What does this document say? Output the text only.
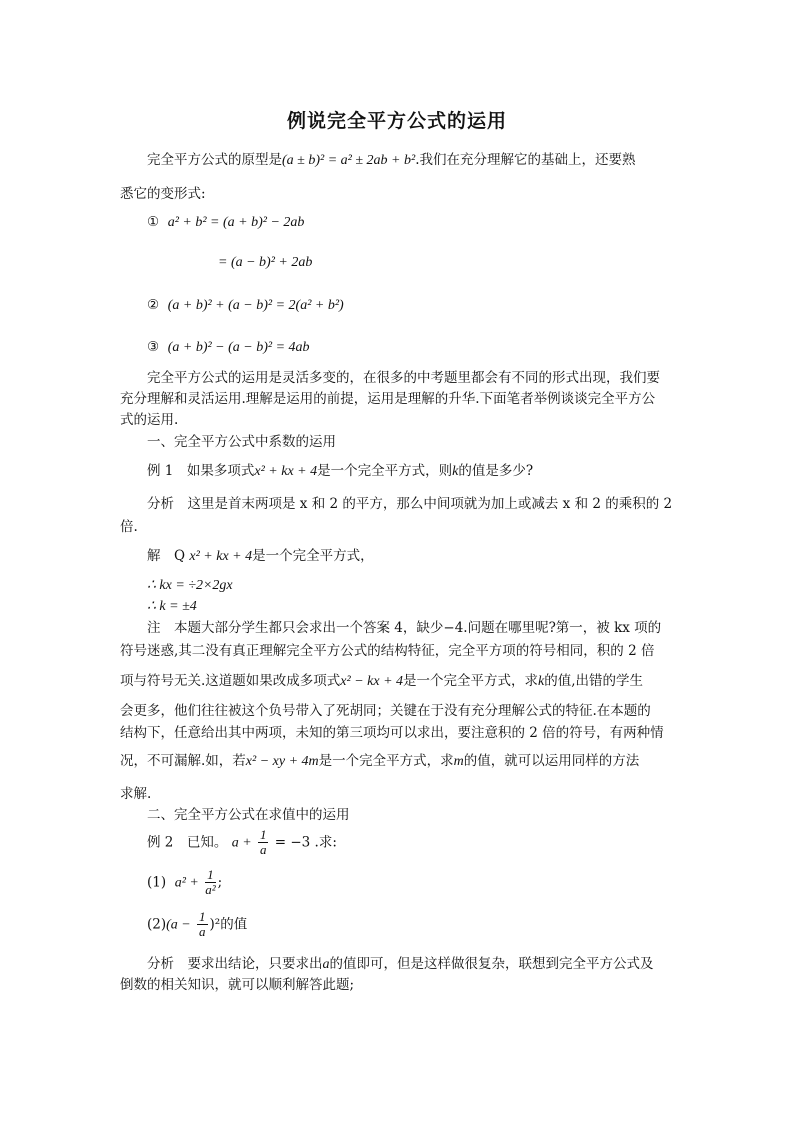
例说完全平方公式的运用
完全平方公式的原型是(a ± b)² = a² ± 2ab + b².我们在充分理解它的基础上，还要熟
悉它的变形式:
① a² + b² = (a + b)² − 2ab
= (a − b)² + 2ab
② (a + b)² + (a − b)² = 2(a² + b²)
③ (a + b)² − (a − b)² = 4ab
完全平方公式的运用是灵活多变的，在很多的中考题里都会有不同的形式出现，我们要
充分理解和灵活运用.理解是运用的前提，运用是理解的升华.下面笔者举例谈谈完全平方公
式的运用.
一、完全平方公式中系数的运用
例 1　如果多项式x² + kx + 4是一个完全平方式，则k的值是多少?
分析　这里是首末两项是 x 和 2 的平方，那么中间项就为加上或减去 x 和 2 的乘积的 2
倍.
解　Q x² + kx + 4是一个完全平方式，
∴ kx = ÷2×2gx
∴ k = ±4
注　本题大部分学生都只会求出一个答案 4，缺少−4.问题在哪里呢?第一，被 kx 项的
符号迷惑,其二没有真正理解完全平方公式的结构特征，完全平方项的符号相同，积的 2 倍
项与符号无关.这道题如果改成多项式x² − kx + 4是一个完全平方式，求k的值,出错的学生
会更多，他们往往被这个负号带入了死胡同；关键在于没有充分理解公式的特征.在本题的
结构下，任意给出其中两项，未知的第三项均可以求出，要注意积的 2 倍的符号，有两种情
况，不可漏解.如，若x² − xy + 4m是一个完全平方式，求m的值，就可以运用同样的方法
求解.
二、完全平方公式在求值中的运用
例 2　已知。 $a + \frac{1}{a} = -3$ .求:
(1) $a^2 + \frac{1}{\text{a²}}$ ;
$(2)(a - \frac{1}{a} )^2$的值
分析　要求出结论，只要求出a的值即可，但是这样做很复杂，联想到完全平方公式及
倒数的相关知识，就可以顺利解答此题;
